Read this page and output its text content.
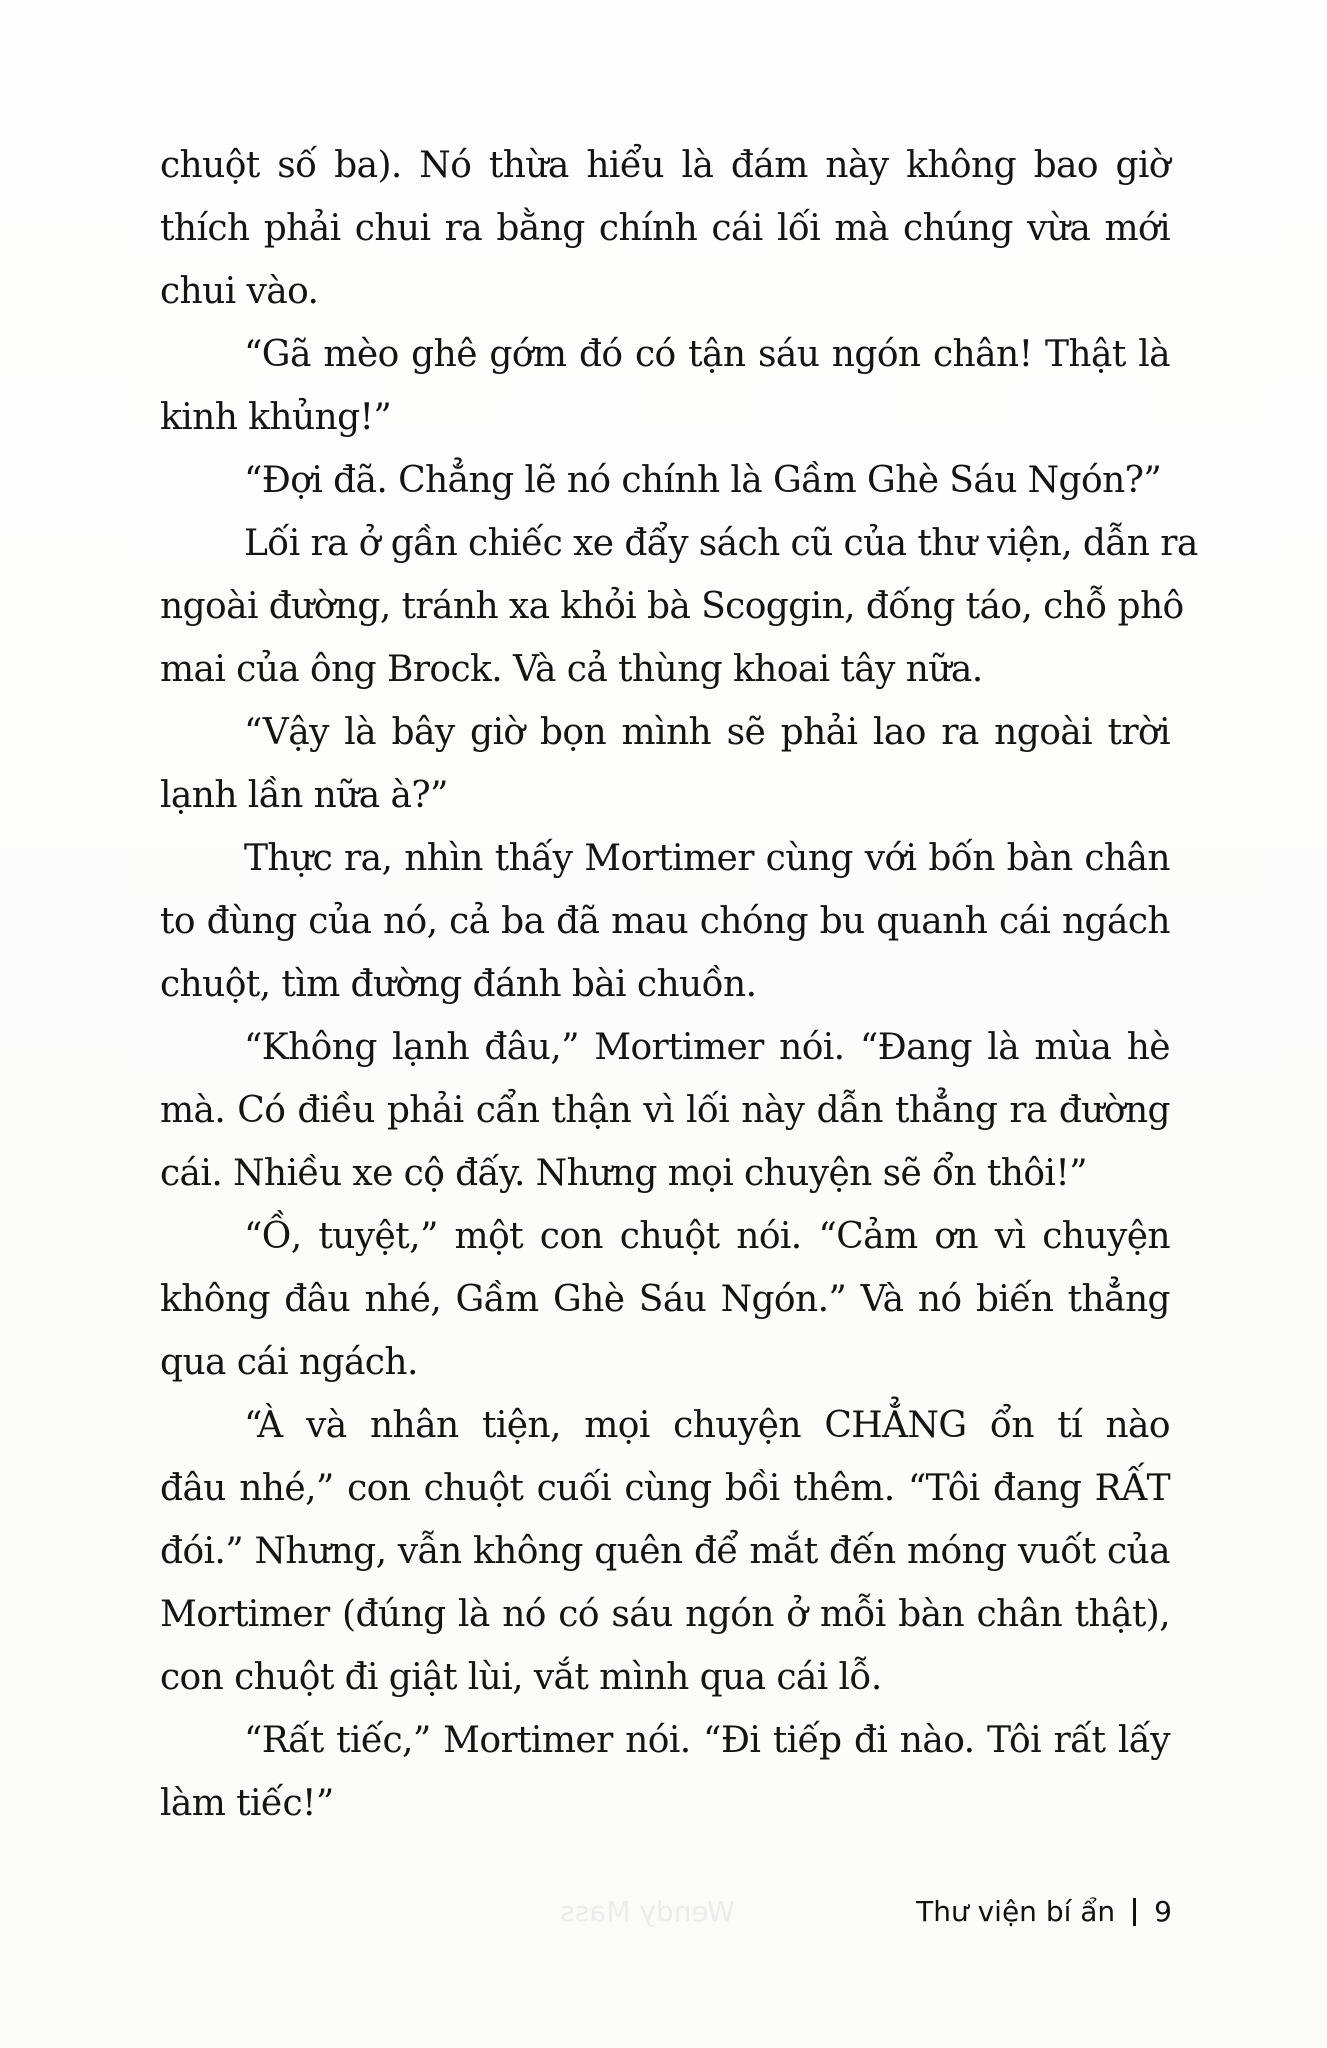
Wendy Mass
chuột số ba). Nó thừa hiểu là đám này không bao giờ
thích phải chui ra bằng chính cái lối mà chúng vừa mới
chui vào.
“Gã mèo ghê gớm đó có tận sáu ngón chân! Thật là
kinh khủng!”
“Đợi đã. Chẳng lẽ nó chính là Gầm Ghè Sáu Ngón?”
Lối ra ở gần chiếc xe đẩy sách cũ của thư viện, dẫn ra
ngoài đường, tránh xa khỏi bà Scoggin, đống táo, chỗ phô
mai của ông Brock. Và cả thùng khoai tây nữa.
“Vậy là bây giờ bọn mình sẽ phải lao ra ngoài trời
lạnh lần nữa à?”
Thực ra, nhìn thấy Mortimer cùng với bốn bàn chân
to đùng của nó, cả ba đã mau chóng bu quanh cái ngách
chuột, tìm đường đánh bài chuồn.
“Không lạnh đâu,” Mortimer nói. “Đang là mùa hè
mà. Có điều phải cẩn thận vì lối này dẫn thẳng ra đường
cái. Nhiều xe cộ đấy. Nhưng mọi chuyện sẽ ổn thôi!”
“Ồ, tuyệt,” một con chuột nói. “Cảm ơn vì chuyện
không đâu nhé, Gầm Ghè Sáu Ngón.” Và nó biến thẳng
qua cái ngách.
“À và nhân tiện, mọi chuyện CHẲNG ổn tí nào
đâu nhé,” con chuột cuối cùng bồi thêm. “Tôi đang RẤT
đói.” Nhưng, vẫn không quên để mắt đến móng vuốt của
Mortimer (đúng là nó có sáu ngón ở mỗi bàn chân thật),
con chuột đi giật lùi, vắt mình qua cái lỗ.
“Rất tiếc,” Mortimer nói. “Đi tiếp đi nào. Tôi rất lấy
làm tiếc!”
Thư viện bí ẩn 9
